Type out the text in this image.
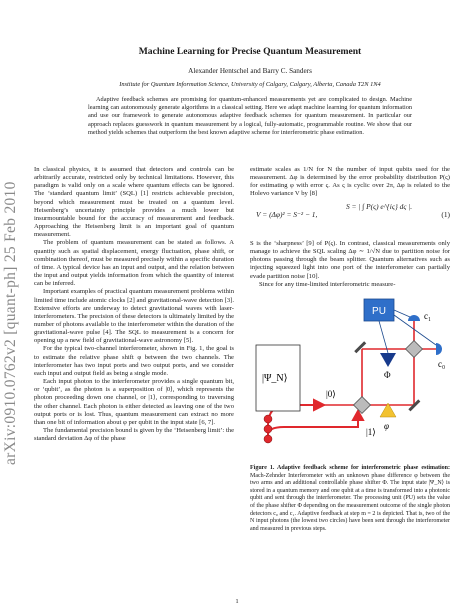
arXiv:0910.0762v2 [quant-ph] 25 Feb 2010
Machine Learning for Precise Quantum Measurement
Alexander Hentschel and Barry C. Sanders
Institute for Quantum Information Science, University of Calgary, Calgary, Alberta, Canada T2N 1N4

Adaptive feedback schemes are promising for quantum-enhanced measurements yet are complicated to design. Machine learning can autonomously generate algorithms in a classical setting. Here we adapt machine learning for quantum information and use our framework to generate autonomous adaptive feedback schemes for quantum measurement. In particular our approach replaces guesswork in quantum measurement by a logical, fully-automatic, programmable routine. We show that our method yields schemes that outperform the best known adaptive scheme for interferometric phase estimation.

In classical physics, it is assumed that detectors and controls can be arbitrarily accurate, restricted only by technical limitations. However, this paradigm is valid only on a scale where quantum effects can be ignored. The ‘standard quantum limit’ (SQL) [1] restricts achievable precision, beyond which measurement must be treated on a quantum level. Heisenberg’s uncertainty principle provides a much lower but insurmountable bound for the accuracy of measurement and feedback. Approaching the Heisenberg limit is an important goal of quantum measurement.

The problem of quantum measurement can be stated as follows. A quantity such as spatial displacement, energy fluctuation, phase shift, or combination thereof, must be measured precisely within a specific duration of time. A typical device has an input and output, and the relation between the input and output yields information from which the quantity of interest can be inferred.

Important examples of practical quantum measurement problems within limited time include atomic clocks [2] and gravitational-wave detection [3]. Extensive efforts are underway to detect gravitational waves with laser-interferometers. The precision of these detectors is ultimately limited by the number of photons available to the interferometer within the duration of the gravitational-wave pulse [4]. The SQL to measurement is a concern for opening up a new field of gravitational-wave astronomy [5].

For the typical two-channel interferometer, shown in Fig. 1, the goal is to estimate the relative phase shift φ between the two channels. The interferometer has two input ports and two output ports, and we consider each input and output field as being a single mode.

Each input photon to the interferometer provides a single quantum bit, or ‘qubit’, as the photon is a superposition of |0⟩, which represents the photon proceeding down one channel, or |1⟩, corresponding to traversing the other channel. Each photon is either detected as leaving one of the two output ports or is lost. Thus, quantum measurement can extract no more than one bit of information about φ per qubit in the input state [6, 7].

The fundamental precision bound is given by the ‘Heisenberg limit’: the standard deviation Δφ of the phase

estimate scales as 1/N for N the number of input qubits used for the measurement. Δφ is determined by the error probability distribution P(ς) for estimating φ with error ς. As ς is cyclic over 2π, Δφ is related to the Holevo variance V by [8]

V = (Δφ)² = S⁻² − 1,
S = | ∫ P(ς) e^{iς} dς |.
(1)

S is the ‘sharpness’ [9] of P(ς). In contrast, classical measurements only manage to achieve the SQL scaling Δφ ∼ 1/√N due to partition noise for photons passing through the beam splitter. Quantum alternatives such as injecting squeezed light into one port of the interferometer can partially evade partition noise [10].

Since for any time-limited interferometric measure-

|Ψ_N⟩
|0⟩
|1⟩
Φ
φ
c₁
c₀
PU

Figure 1. Adaptive feedback scheme for interferometric phase estimation: Mach-Zehnder Interferometer with an unknown phase difference φ between the two arms and an additional controllable phase shifter Φ. The input state |Ψ_N⟩ is stored in a quantum memory and one qubit at a time is transformed into a photonic qubit and sent through the interferometer. The processing unit (PU) sets the value of the phase shifter Φ depending on the measurement outcome of the single photon detectors c₀ and c₁. Adaptive feedback at step m = 2 is depicted. That is, two of the N input photons (the lowest two circles) have been sent through the interferometer and measured in previous steps.

1
